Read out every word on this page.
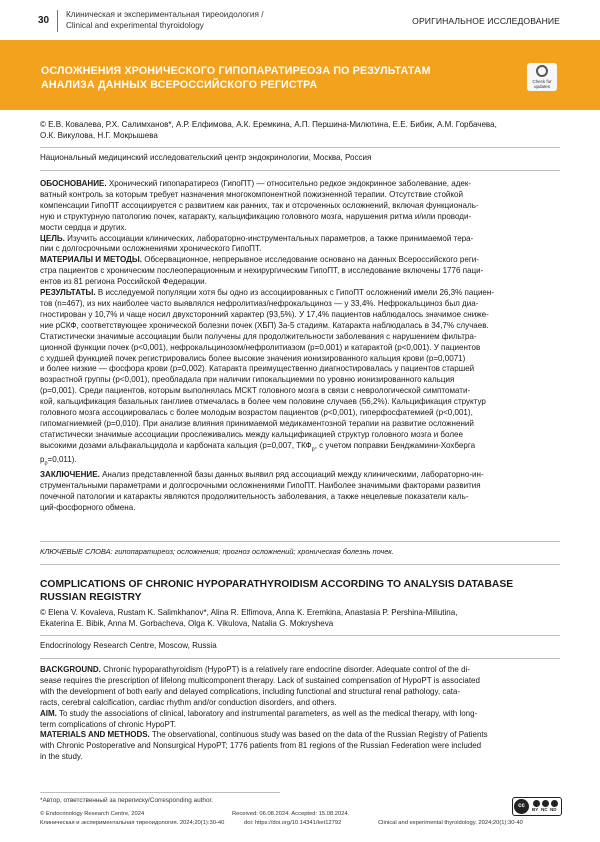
30
Клиническая и экспериментальная тиреоидология /
Clinical and experimental thyroidology	ОРИГИНАЛЬНОЕ ИССЛЕДОВАНИЕ
ОСЛОЖНЕНИЯ ХРОНИЧЕСКОГО ГИПОПАРАТИРЕОЗА ПО РЕЗУЛЬТАТАМ
АНАЛИЗА ДАННЫХ ВСЕРОССИЙСКОГО РЕГИСТРА	Check for updates
© Е.В. Ковалева, Р.Х. Салимханов*, А.Р. Елфимова, А.К. Еремкина, А.П. Першина-Милютина, Е.Е. Бибик, А.М. Горбачева,
О.К. Викулова, Н.Г. Мокрышева
Национальный медицинский исследовательский центр эндокринологии, Москва, Россия
ОБОСНОВАНИЕ. Хронический гипопаратиреоз (ГипоПТ) — относительно редкое эндокринное заболевание, адек-
ватный контроль за которым требует назначения многокомпонентной пожизненной терапии. Отсутствие стойкой
компенсации ГипоПТ ассоциируется с развитием как ранних, так и отсроченных осложнений, включая функциональ-
ную и структурную патологию почек, катаракту, кальцификацию головного мозга, нарушения ритма и/или проводи-
мости сердца и других.
ЦЕЛЬ. Изучить ассоциации клинических, лабораторно-инструментальных параметров, а также принимаемой тера-
пии с долгосрочными осложнениями хронического ГипоПТ.
МАТЕРИАЛЫ И МЕТОДЫ. Обсервационное, непрерывное исследование основано на данных Всероссийского реги-
стра пациентов с хроническим послеоперационным и нехирургическим ГипоПТ, в исследование включены 1776 паци-
ентов из 81 региона Российской Федерации.
РЕЗУЛЬТАТЫ. В исследуемой популяции хотя бы одно из ассоциированных с ГипоПТ осложнений имели 26,3% пациен-
тов (n=467), из них наиболее часто выявлялся нефролитиаз/нефрокальциноз — у 33,4%. Нефрокальциноз был диа-
гностирован у 10,7% и чаще носил двухсторонний характер (93,5%). У 17,4% пациентов наблюдалось значимое сниже-
ние рСКФ, соответствующее хронической болезни почек (ХБП) 3а-5 стадиям. Катаракта наблюдалась в 34,7% случаев.
Статистически значимые ассоциации были получены для продолжительности заболевания с нарушением фильтра-
ционной функции почек (р<0,001), нефрокальцинозом/нефролитиазом (р=0,001) и катарактой (р<0,001). У пациентов
с худшей функцией почек регистрировались более высокие значения ионизированного кальция крови (р=0,0071)
и более низкие — фосфора крови (р=0,002). Катаракта преимущественно диагностировалась у пациентов старшей
возрастной группы (р<0,001), преобладала при наличии гипокальциемии по уровню ионизированного кальция
(р=0,001). Среди пациентов, которым выполнялась МСКТ головного мозга в связи с неврологической симптомати-
кой, кальцификация базальных ганглиев отмечалась в более чем половине случаев (56,2%). Кальцификация структур
головного мозга ассоциировалась с более молодым возрастом пациентов (р<0,001), гиперфосфатемией (р<0,001),
гипомагниемией (р=0,010). При анализе влияния принимаемой медикаментозной терапии на развитие осложнений
статистически значимые ассоциации прослеживались между кальцификацией структур головного мозга и более
высокими дозами альфакальцидола и карбоната кальция (р=0,007, $ТКФ_р$, с учетом поправки Бенджамини-Хохберга
$p_р=0,011$).
ЗАКЛЮЧЕНИЕ. Анализ представленной базы данных выявил ряд ассоциаций между клиническими, лабораторно-ин-
струментальными параметрами и долгосрочными осложнениями ГипоПТ. Наиболее значимыми факторами развития
почечной патологии и катаракты являются продолжительность заболевания, а также нецелевые показатели каль-
ций-фосфорного обмена.
КЛЮЧЕВЫЕ СЛОВА: гипопаратиреоз; осложнения; прогноз осложнений; хроническая болезнь почек.
COMPLICATIONS OF CHRONIC HYPOPARATHYROIDISM ACCORDING TO ANALYSIS DATABASE
RUSSIAN REGISTRY
© Elena V. Kovaleva, Rustam K. Salimkhanov*, Alina R. Elfimova, Anna K. Eremkina, Anastasia P. Pershina-Miliutina,
Ekaterina E. Bibik, Anna M. Gorbacheva, Olga K. Vikulova, Natalia G. Mokrysheva
Endocrinology Research Centre, Moscow, Russia
BACKGROUND. Chronic hypoparathyroidism (HypoPT) is a relatively rare endocrine disorder. Adequate control of the di-
sease requires the prescription of lifelong multicomponent therapy. Lack of sustained compensation of HypoPT is associated
with the development of both early and delayed complications, including functional and structural renal pathology, cata-
racts, cerebral calcification, cardiac rhythm and/or conduction disorders, and others.
AIM. To study the associations of clinical, laboratory and instrumental parameters, as well as the medical therapy, with long-
term complications of chronic HypoPT.
MATERIALS AND METHODS. The observational, continuous study was based on the data of the Russian Registry of Patients
with Chronic Postoperative and Nonsurgical HypoPT; 1776 patients from 81 regions of the Russian Federation were included
in the study.
*Автор, ответственный за переписку/Corresponding author.
© Endocrinology Research Centre, 2024	Received: 06.08.2024. Accepted: 15.08.2024.
Клиническая и экспериментальная тиреоидология. 2024;20(1):30-40	doi: https://doi.org/10.14341/ket12792	Clinical and experimental thyroidology. 2024;20(1):30-40
cc
BY NC ND
